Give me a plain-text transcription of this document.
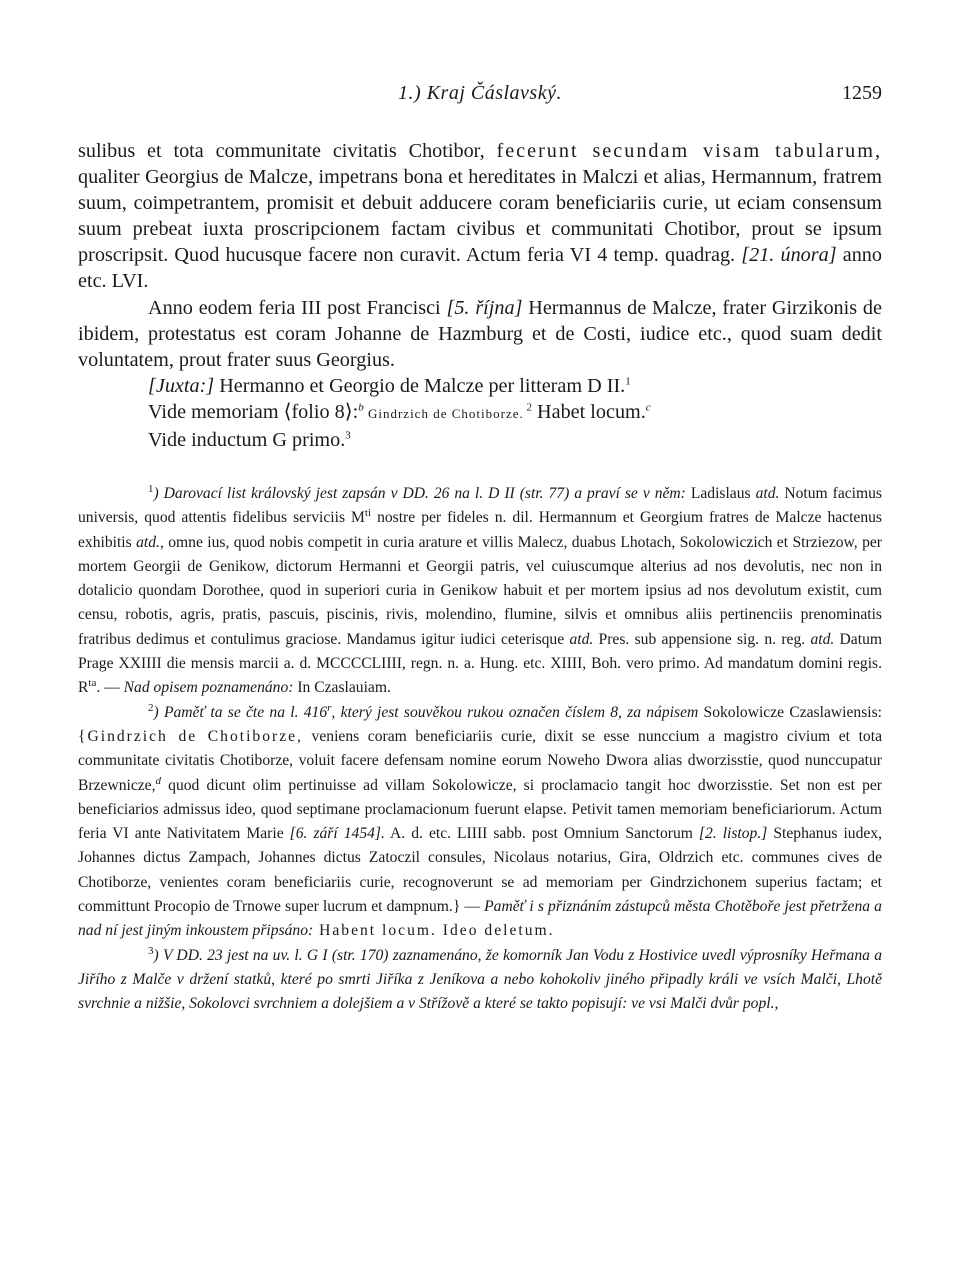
1.) Kraj Čáslavský.	1259

sulibus et tota communitate civitatis Chotibor, fecerunt secundam visam tabularum, qualiter Georgius de Malcze, impetrans bona et hereditates in Malczi et alias, Hermannum, fratrem suum, coimpetrantem, promisit et debuit adducere coram beneficiariis curie, ut eciam consensum suum prebeat iuxta proscripcionem factam civibus et communitati Chotibor, prout se ipsum proscripsit. Quod hucusque facere non curavit. Actum feria VI 4 temp. quadrag. [21. února] anno etc. LVI.

Anno eodem feria III post Francisci [5. října] Hermannus de Malcze, frater Girzikonis de ibidem, protestatus est coram Johanne de Hazmburg et de Costi, iudice etc., quod suam dedit voluntatem, prout frater suus Georgius.

[Juxta:] Hermanno et Georgio de Malcze per litteram D II.$^1$

Vide memoriam ⟨folio 8⟩:$^b$ Gindrzich de Chotiborze. $^2$ Habet locum.$^c$

Vide inductum G primo.$^3$

$^1$) Darovací list královský jest zapsán v DD. 26 na l. D II (str. 77) a praví se v něm: Ladislaus atd. Notum facimus universis, quod attentis fidelibus serviciis $M^{ti}$ nostre per fideles n. dil. Hermannum et Georgium fratres de Malcze hactenus exhibitis atd., omne ius, quod nobis competit in curia arature et villis Malecz, duabus Lhotach, Sokolowiczich et Strziezow, per mortem Georgii de Genikow, dictorum Hermanni et Georgii patris, vel cuiuscumque alterius ad nos devolutis, nec non in dotalicio quondam Dorothee, quod in superiori curia in Genikow habuit et per mortem ipsius ad nos devolutum existit, cum censu, robotis, agris, pratis, pascuis, piscinis, rivis, molendino, flumine, silvis et omnibus aliis pertinenciis prenominatis fratribus dedimus et contulimus graciose. Mandamus igitur iudici ceterisque atd. Pres. sub appensione sig. n. reg. atd. Datum Prage XXIIII die mensis marcii a. d. MCCCCLIIII, regn. n. a. Hung. etc. XIIII, Boh. vero primo. Ad mandatum domini regis. $R^{ta}$. — Nad opisem poznamenáno: In Czaslauiam.

$^2$) Paměť ta se čte na l. 416$^r$, který jest souvěkou rukou označen číslem 8, za nápisem Sokolowicze Czaslawiensis: {Gindrzich de Chotiborze, veniens coram beneficiariis curie, dixit se esse nunccium a magistro civium et tota communitate civitatis Chotiborze, voluit facere defensam nomine eorum Noweho Dwora alias dworzisstie, quod nunccupatur Brzewnicze,$^d$ quod dicunt olim pertinuisse ad villam Sokolowicze, si proclamacio tangit hoc dworzisstie. Set non est per beneficiarios admissus ideo, quod septimane proclamacionum fuerunt elapse. Petivit tamen memoriam beneficiariorum. Actum feria VI ante Nativitatem Marie [6. září 1454]. A. d. etc. LIIII sabb. post Omnium Sanctorum [2. listop.] Stephanus iudex, Johannes dictus Zampach, Johannes dictus Zatoczil consules, Nicolaus notarius, Gira, Oldrzich etc. communes cives de Chotiborze, venientes coram beneficiariis curie, recognoverunt se ad memoriam per Gindrzichonem superius factam; et committunt Procopio de Trnowe super lucrum et dampnum.} — Paměť i s přiznáním zástupců města Chotěboře jest přetržena a nad ní jest jiným inkoustem připsáno: Habent locum. Ideo deletum.

$^3$) V DD. 23 jest na uv. l. G I (str. 170) zaznamenáno, že komorník Jan Vodu z Hostivice uvedl výprosníky Heřmana a Jiřího z Malče v držení statků, které po smrti Jiříka z Jeníkova a nebo kohokoliv jiného připadly králi ve vsích Malči, Lhotě svrchnie a nižšie, Sokolovci svrchniem a dolejšiem a v Střížově a které se takto popisují: ve vsi Malči dvůr popl.,
